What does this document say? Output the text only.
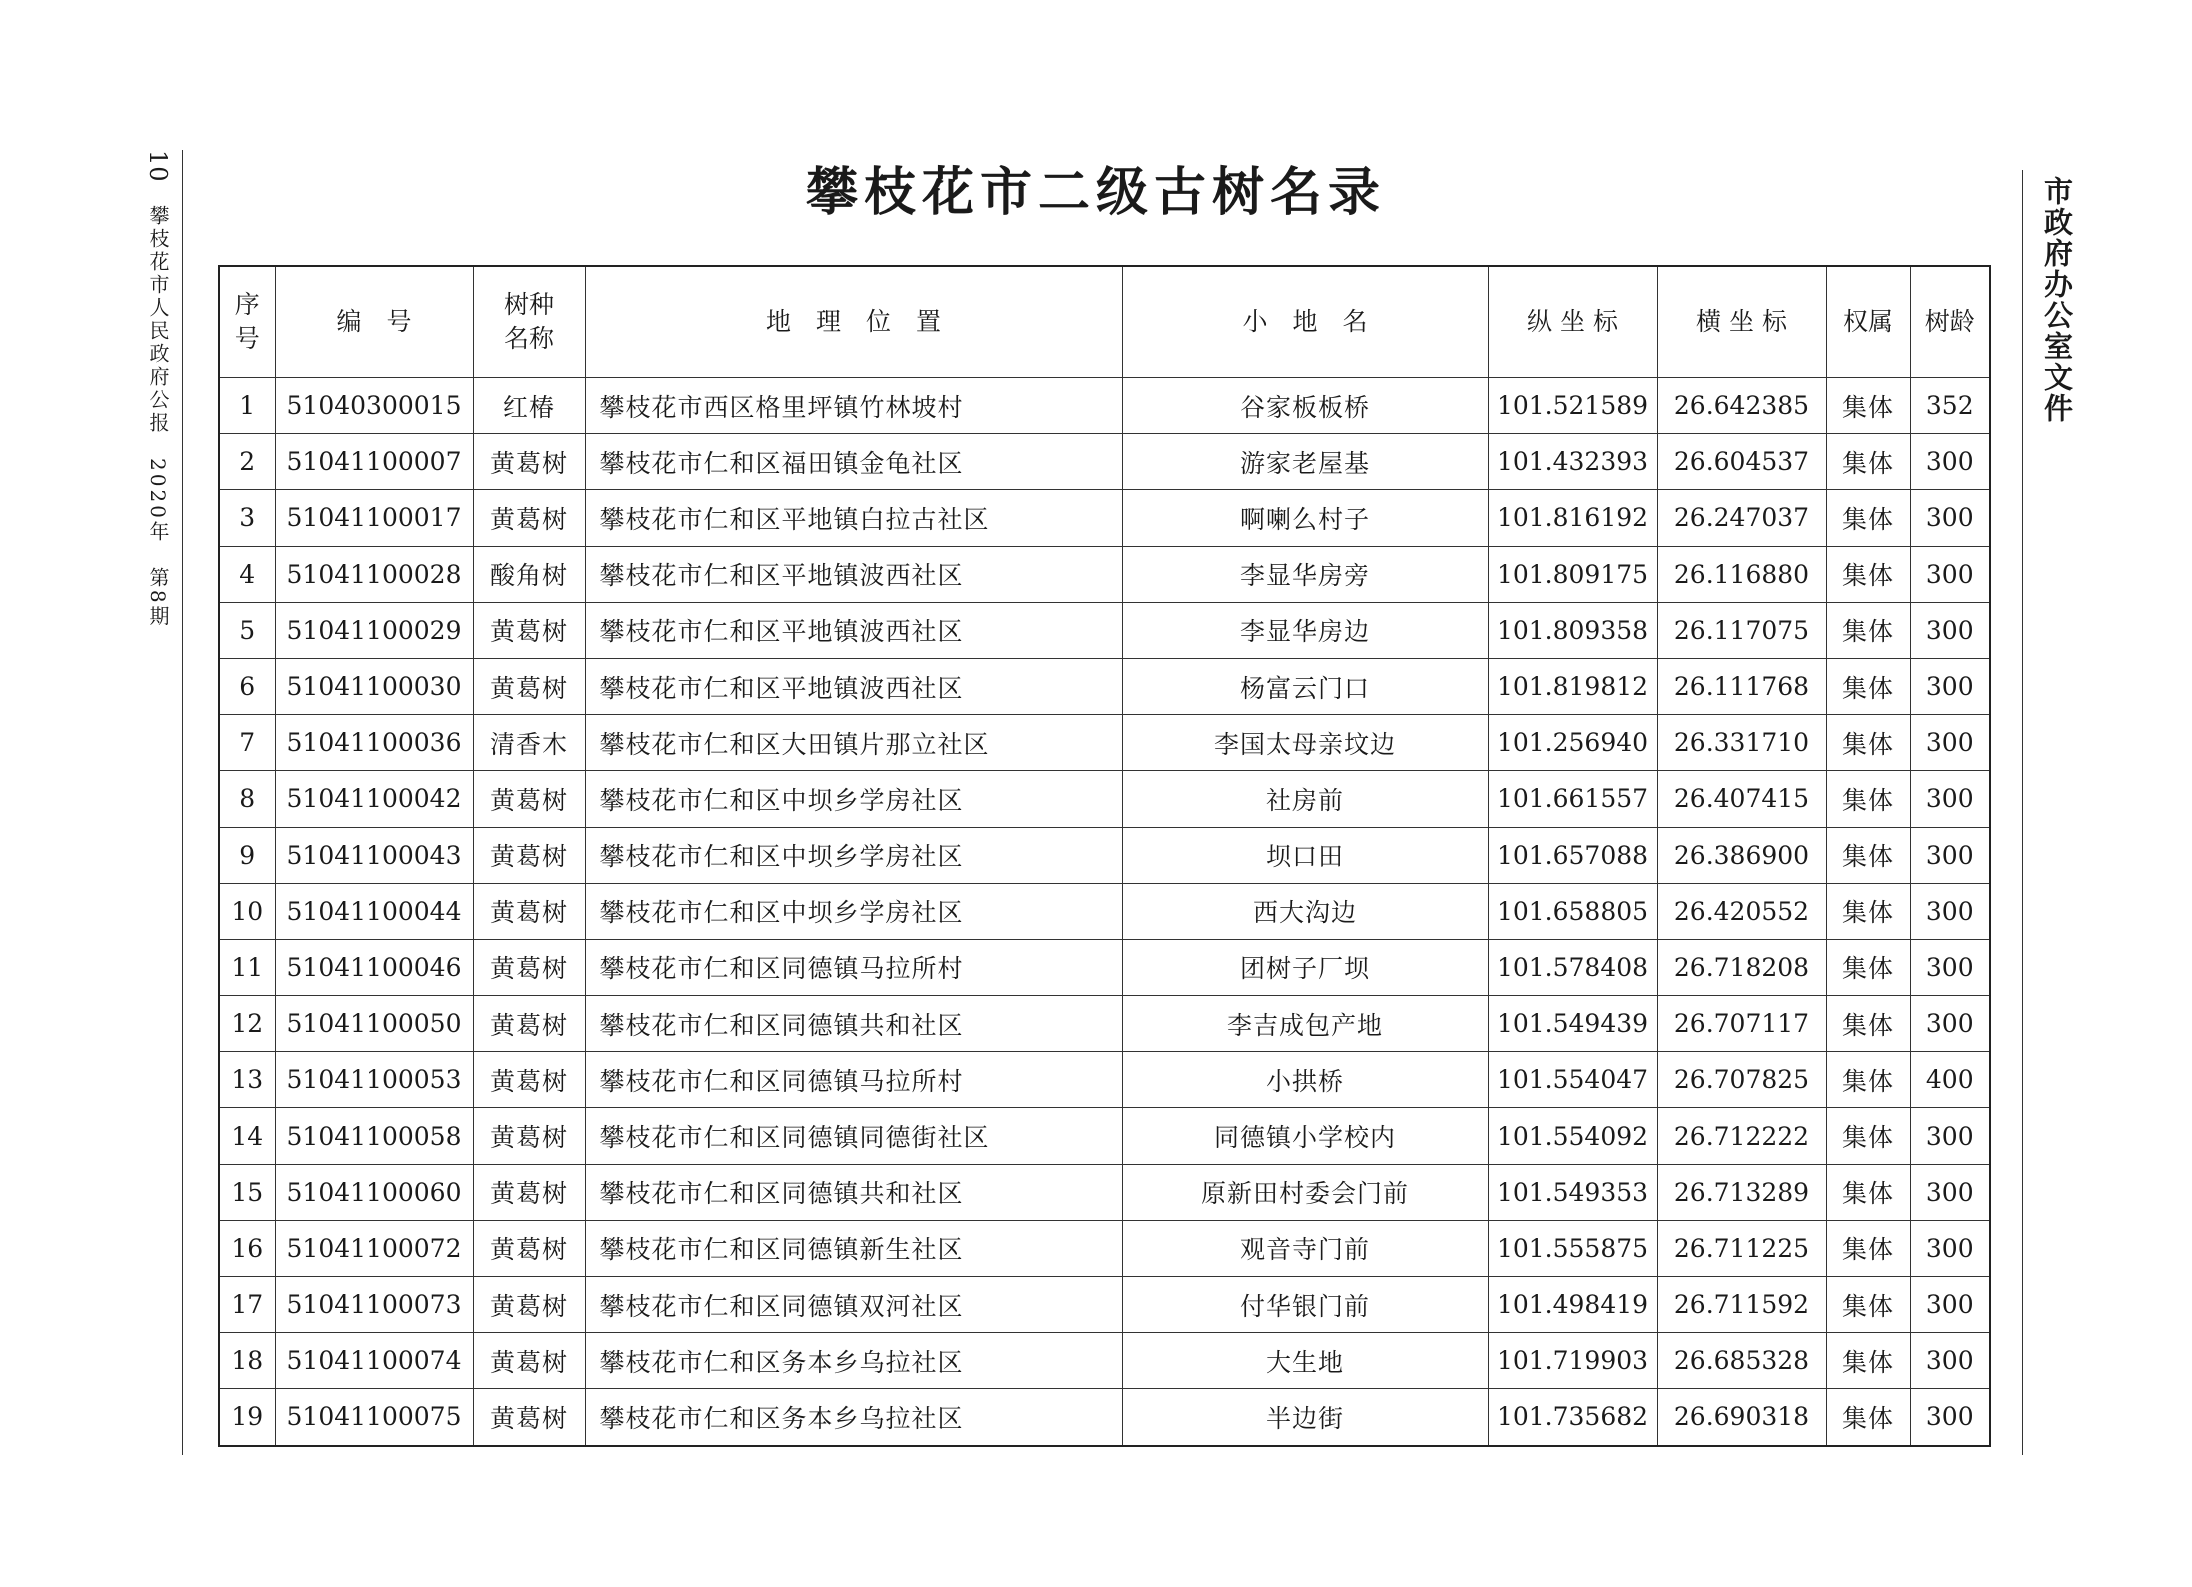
10
攀枝花市人民政府公报　2020年　第8期	市政府办公室文件
攀枝花市二级古树名录
序号	编　号	树种名称	地　理　位　置	小　地　名	纵 坐 标	横 坐 标	权属	树龄
1	51040300015	红椿	攀枝花市西区格里坪镇竹林坡村	谷家板板桥	101.521589	26.642385	集体	352
2	51041100007	黄葛树	攀枝花市仁和区福田镇金龟社区	游家老屋基	101.432393	26.604537	集体	300
3	51041100017	黄葛树	攀枝花市仁和区平地镇白拉古社区	啊喇么村子	101.816192	26.247037	集体	300
4	51041100028	酸角树	攀枝花市仁和区平地镇波西社区	李显华房旁	101.809175	26.116880	集体	300
5	51041100029	黄葛树	攀枝花市仁和区平地镇波西社区	李显华房边	101.809358	26.117075	集体	300
6	51041100030	黄葛树	攀枝花市仁和区平地镇波西社区	杨富云门口	101.819812	26.111768	集体	300
7	51041100036	清香木	攀枝花市仁和区大田镇片那立社区	李国太母亲坟边	101.256940	26.331710	集体	300
8	51041100042	黄葛树	攀枝花市仁和区中坝乡学房社区	社房前	101.661557	26.407415	集体	300
9	51041100043	黄葛树	攀枝花市仁和区中坝乡学房社区	坝口田	101.657088	26.386900	集体	300
10	51041100044	黄葛树	攀枝花市仁和区中坝乡学房社区	西大沟边	101.658805	26.420552	集体	300
11	51041100046	黄葛树	攀枝花市仁和区同德镇马拉所村	团树子厂坝	101.578408	26.718208	集体	300
12	51041100050	黄葛树	攀枝花市仁和区同德镇共和社区	李吉成包产地	101.549439	26.707117	集体	300
13	51041100053	黄葛树	攀枝花市仁和区同德镇马拉所村	小拱桥	101.554047	26.707825	集体	400
14	51041100058	黄葛树	攀枝花市仁和区同德镇同德街社区	同德镇小学校内	101.554092	26.712222	集体	300
15	51041100060	黄葛树	攀枝花市仁和区同德镇共和社区	原新田村委会门前	101.549353	26.713289	集体	300
16	51041100072	黄葛树	攀枝花市仁和区同德镇新生社区	观音寺门前	101.555875	26.711225	集体	300
17	51041100073	黄葛树	攀枝花市仁和区同德镇双河社区	付华银门前	101.498419	26.711592	集体	300
18	51041100074	黄葛树	攀枝花市仁和区务本乡乌拉社区	大生地	101.719903	26.685328	集体	300
19	51041100075	黄葛树	攀枝花市仁和区务本乡乌拉社区	半边街	101.735682	26.690318	集体	300
